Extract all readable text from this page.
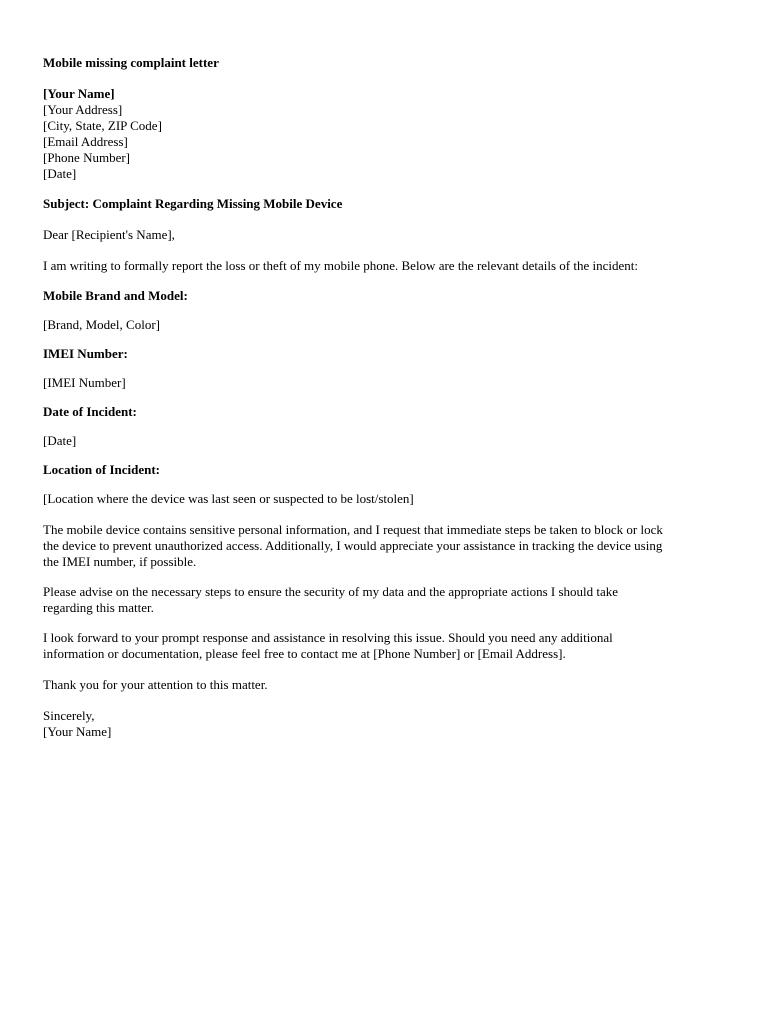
Mobile missing complaint letter
[Your Name]
[Your Address]
[City, State, ZIP Code]
[Email Address]
[Phone Number]
[Date]
Subject: Complaint Regarding Missing Mobile Device
Dear [Recipient's Name],
I am writing to formally report the loss or theft of my mobile phone. Below are the relevant details of the incident:
Mobile Brand and Model:
[Brand, Model, Color]
IMEI Number:
[IMEI Number]
Date of Incident:
[Date]
Location of Incident:
[Location where the device was last seen or suspected to be lost/stolen]
The mobile device contains sensitive personal information, and I request that immediate steps be taken to block or lock
the device to prevent unauthorized access. Additionally, I would appreciate your assistance in tracking the device using
the IMEI number, if possible.
Please advise on the necessary steps to ensure the security of my data and the appropriate actions I should take
regarding this matter.
I look forward to your prompt response and assistance in resolving this issue. Should you need any additional
information or documentation, please feel free to contact me at [Phone Number] or [Email Address].
Thank you for your attention to this matter.
Sincerely,
[Your Name]
